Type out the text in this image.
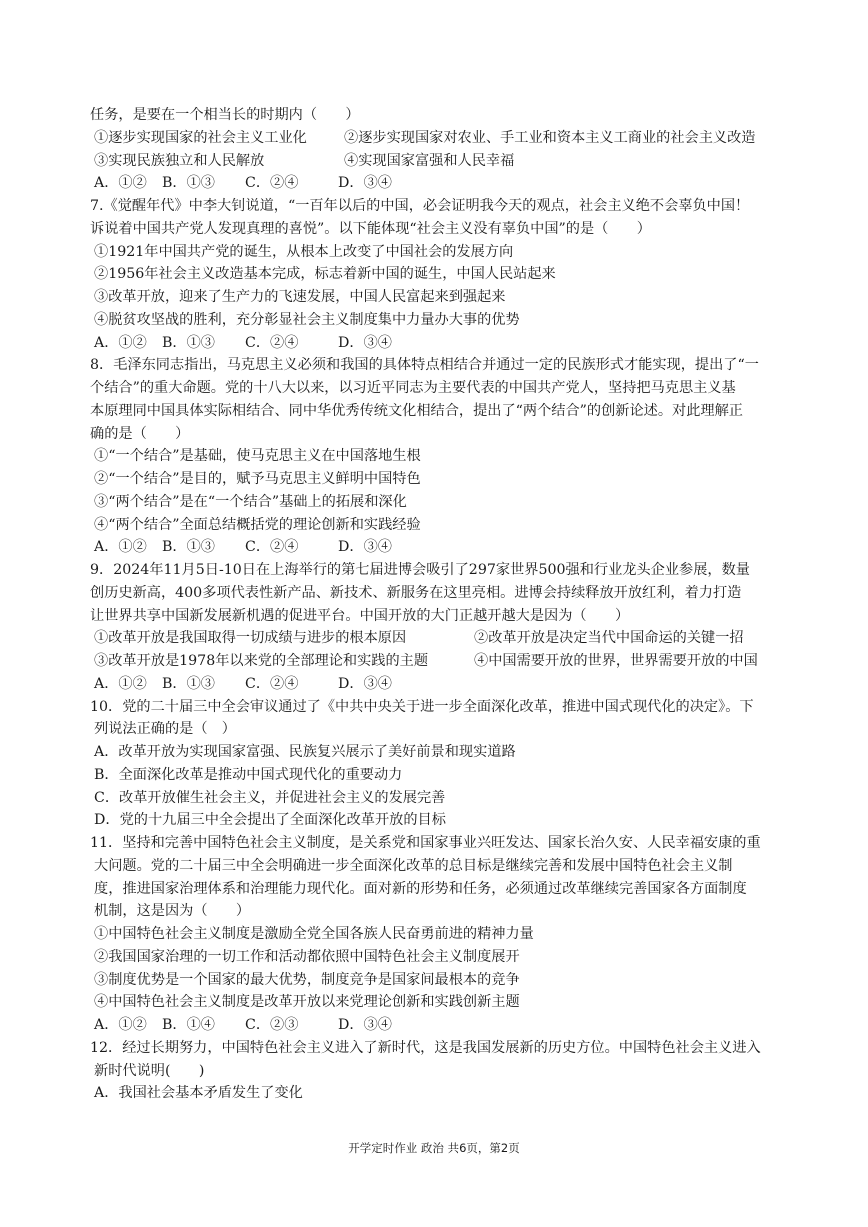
任务，是要在一个相当长的时期内（　　）
①逐步实现国家的社会主义工业化	②逐步实现国家对农业、手工业和资本主义工商业的社会主义改造
③实现民族独立和人民解放	④实现国家富强和人民幸福
A．①②	B．①③	C．②④	D．③④
7.《觉醒年代》中李大钊说道，“一百年以后的中国，必会证明我今天的观点，社会主义绝不会辜负中国！
诉说着中国共产党人发现真理的喜悦”。以下能体现“社会主义没有辜负中国”的是（　　）
①1921年中国共产党的诞生，从根本上改变了中国社会的发展方向
②1956年社会主义改造基本完成，标志着新中国的诞生，中国人民站起来
③改革开放，迎来了生产力的飞速发展，中国人民富起来到强起来
④脱贫攻坚战的胜利，充分彰显社会主义制度集中力量办大事的优势
A．①②	B．①③	C．②④	D．③④
8．毛泽东同志指出，马克思主义必须和我国的具体特点相结合并通过一定的民族形式才能实现，提出了“一
个结合”的重大命题。党的十八大以来，以习近平同志为主要代表的中国共产党人，坚持把马克思主义基
本原理同中国具体实际相结合、同中华优秀传统文化相结合，提出了“两个结合”的创新论述。对此理解正
确的是（　　）
①“一个结合”是基础，使马克思主义在中国落地生根
②“一个结合”是目的，赋予马克思主义鲜明中国特色
③“两个结合”是在“一个结合”基础上的拓展和深化
④“两个结合”全面总结概括党的理论创新和实践经验
A．①②	B．①③	C．②④	D．③④
9．2024年11月5日-10日在上海举行的第七届进博会吸引了297家世界500强和行业龙头企业参展，数量
创历史新高，400多项代表性新产品、新技术、新服务在这里亮相。进博会持续释放开放红利，着力打造
让世界共享中国新发展新机遇的促进平台。中国开放的大门正越开越大是因为（　　）
①改革开放是我国取得一切成绩与进步的根本原因	②改革开放是决定当代中国命运的关键一招
③改革开放是1978年以来党的全部理论和实践的主题	④中国需要开放的世界，世界需要开放的中国
A．①②	B．①③	C．②④	D．③④
10．党的二十届三中全会审议通过了《中共中央关于进一步全面深化改革，推进中国式现代化的决定》。下
列说法正确的是（　）
A．改革开放为实现国家富强、民族复兴展示了美好前景和现实道路
B．全面深化改革是推动中国式现代化的重要动力
C．改革开放催生社会主义，并促进社会主义的发展完善
D．党的十九届三中全会提出了全面深化改革开放的目标
11．坚持和完善中国特色社会主义制度，是关系党和国家事业兴旺发达、国家长治久安、人民幸福安康的重
大问题。党的二十届三中全会明确进一步全面深化改革的总目标是继续完善和发展中国特色社会主义制
度，推进国家治理体系和治理能力现代化。面对新的形势和任务，必须通过改革继续完善国家各方面制度
机制，这是因为（　　）
①中国特色社会主义制度是激励全党全国各族人民奋勇前进的精神力量
②我国国家治理的一切工作和活动都依照中国特色社会主义制度展开
③制度优势是一个国家的最大优势，制度竞争是国家间最根本的竞争
④中国特色社会主义制度是改革开放以来党理论创新和实践创新主题
A．①②	B．①④	C．②③	D．③④
12．经过长期努力，中国特色社会主义进入了新时代，这是我国发展新的历史方位。中国特色社会主义进入
新时代说明(　　)
A．我国社会基本矛盾发生了变化
开学定时作业 政治 共6页，第2页
